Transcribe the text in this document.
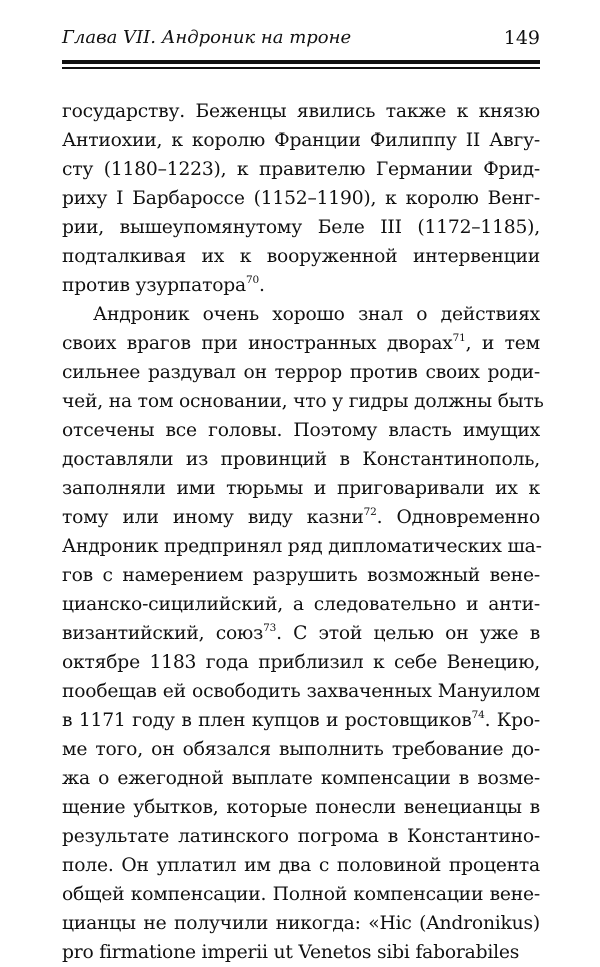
Глава VII. Андроник на троне	149
государству. Беженцы явились также к князю
Антиохии, к королю Франции Филиппу II Авгу-
сту (1180–1223), к правителю Германии Фрид-
риху I Барбароссе (1152–1190), к королю Венг-
рии, вышеупомянутому Беле III (1172–1185),
подталкивая их к вооруженной интервенции
против узурпатора$^{70}$.
Андроник очень хорошо знал о действиях
своих врагов при иностранных дворах$^{71}$, и тем
сильнее раздувал он террор против своих роди-
чей, на том основании, что у гидры должны быть
отсечены все головы. Поэтому власть имущих
доставляли из провинций в Константинополь,
заполняли ими тюрьмы и приговаривали их к
тому или иному виду казни$^{72}$. Одновременно
Андроник предпринял ряд дипломатических ша-
гов с намерением разрушить возможный вене-
цианско-сицилийский, а следовательно и анти-
византийский, союз$^{73}$. С этой целью он уже в
октябре 1183 года приблизил к себе Венецию,
пообещав ей освободить захваченных Мануилом
в 1171 году в плен купцов и ростовщиков$^{74}$. Кро-
ме того, он обязался выполнить требование до-
жа о ежегодной выплате компенсации в возме-
щение убытков, которые понесли венецианцы в
результате латинского погрома в Константино-
поле. Он уплатил им два с половиной процента
общей компенсации. Полной компенсации вене-
цианцы не получили никогда: «Hic (Andronikus)
pro firmatione imperii ut Venetos sibi faborabiles
